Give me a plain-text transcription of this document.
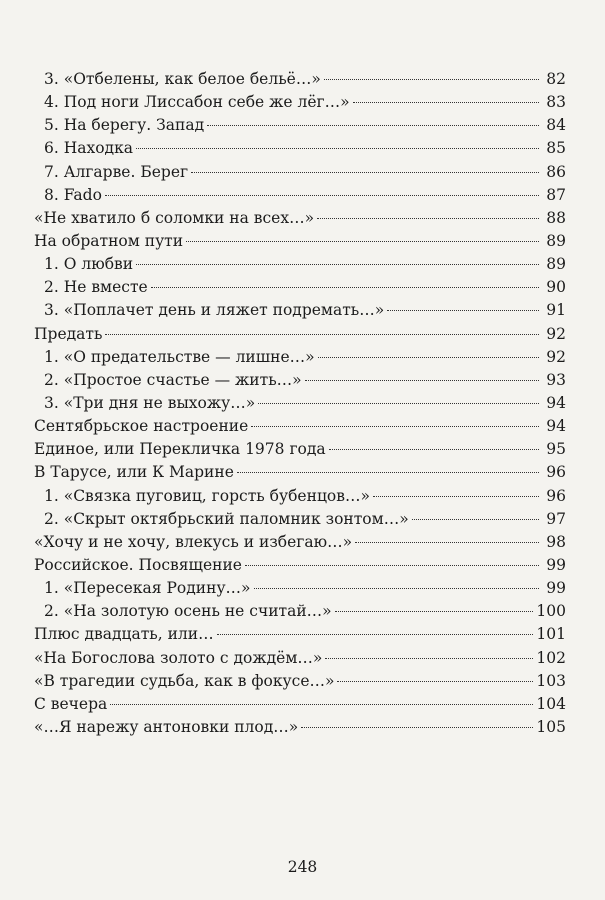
3. «Отбелены, как белое бельё…»	82
4. Под ноги Лиссабон себе же лёг…»	83
5. На берегу. Запад	84
6. Находка	85
7. Алгарве. Берег	86
8. Fado	87
«Не хватило б соломки на всех…»	88
На обратном пути	89
1. О любви	89
2. Не вместе	90
3. «Поплачет день и ляжет подремать…»	91
Предать	92
1. «О предательстве — лишне…»	92
2. «Простое счастье — жить…»	93
3. «Три дня не выхожу…»	94
Сентябрьское настроение	94
Единое, или Перекличка 1978 года	95
В Тарусе, или К Марине	96
1. «Связка пуговиц, горсть бубенцов…»	96
2. «Скрыт октябрьский паломник зонтом…»	97
«Хочу и не хочу, влекусь и избегаю…»	98
Российское. Посвящение	99
1. «Пересекая Родину…»	99
2. «На золотую осень не считай…»	100
Плюс двадцать, или…	101
«На Богослова золото с дождём…»	102
«В трагедии судьба, как в фокусе…»	103
С вечера	104
«…Я нарежу антоновки плод…»	105
248
